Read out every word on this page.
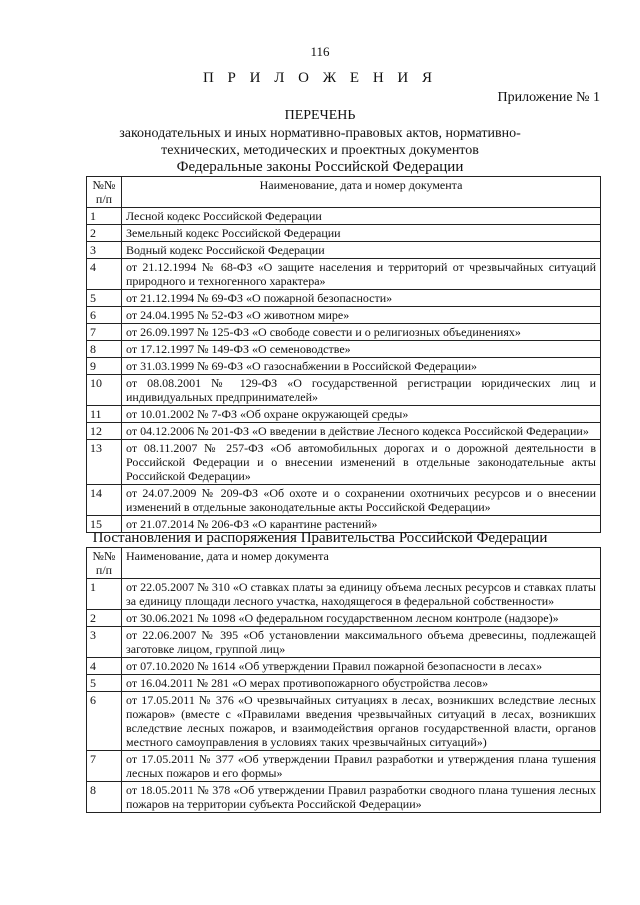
116
П Р И Л О Ж Е Н И Я
Приложение № 1
ПЕРЕЧЕНЬ
законодательных и иных нормативно-правовых актов, нормативно-технических, методических и проектных документов
Федеральные законы Российской Федерации
№№ п/п	Наименование, дата и номер документа
1	Лесной кодекс Российской Федерации
2	Земельный кодекс Российской Федерации
3	Водный кодекс Российской Федерации
4	от 21.12.1994 № 68-ФЗ «О защите населения и территорий от чрезвычайных ситуаций природного и техногенного характера»
5	от 21.12.1994 № 69-ФЗ «О пожарной безопасности»
6	от 24.04.1995 № 52-ФЗ «О животном мире»
7	от 26.09.1997 № 125-ФЗ «О свободе совести и о религиозных объединениях»
8	от 17.12.1997 № 149-ФЗ «О семеноводстве»
9	от 31.03.1999 № 69-ФЗ «О газоснабжении в Российской Федерации»
10	от 08.08.2001 № 129-ФЗ «О государственной регистрации юридических лиц и индивидуальных предпринимателей»
11	от 10.01.2002 № 7-ФЗ «Об охране окружающей среды»
12	от 04.12.2006 № 201-ФЗ «О введении в действие Лесного кодекса Российской Федерации»
13	от 08.11.2007 № 257-ФЗ «Об автомобильных дорогах и о дорожной деятельности в Российской Федерации и о внесении изменений в отдельные законодательные акты Российской Федерации»
14	от 24.07.2009 № 209-ФЗ «Об охоте и о сохранении охотничьих ресурсов и о внесении изменений в отдельные законодательные акты Российской Федерации»
15	от 21.07.2014 № 206-ФЗ «О карантине растений»
Постановления и распоряжения Правительства Российской Федерации
№№ п/п	Наименование, дата и номер документа
1	от 22.05.2007 № 310 «О ставках платы за единицу объема лесных ресурсов и ставках платы за единицу площади лесного участка, находящегося в федеральной собственности»
2	от 30.06.2021 № 1098 «О федеральном государственном лесном контроле (надзоре)»
3	от 22.06.2007 № 395 «Об установлении максимального объема древесины, подлежащей заготовке лицом, группой лиц»
4	от 07.10.2020 № 1614 «Об утверждении Правил пожарной безопасности в лесах»
5	от 16.04.2011 № 281 «О мерах противопожарного обустройства лесов»
6	от 17.05.2011 № 376 «О чрезвычайных ситуациях в лесах, возникших вследствие лесных пожаров» (вместе с «Правилами введения чрезвычайных ситуаций в лесах, возникших вследствие лесных пожаров, и взаимодействия органов государственной власти, органов местного самоуправления в условиях таких чрезвычайных ситуаций»)
7	от 17.05.2011 № 377 «Об утверждении Правил разработки и утверждения плана тушения лесных пожаров и его формы»
8	от 18.05.2011 № 378 «Об утверждении Правил разработки сводного плана тушения лесных пожаров на территории субъекта Российской Федерации»
